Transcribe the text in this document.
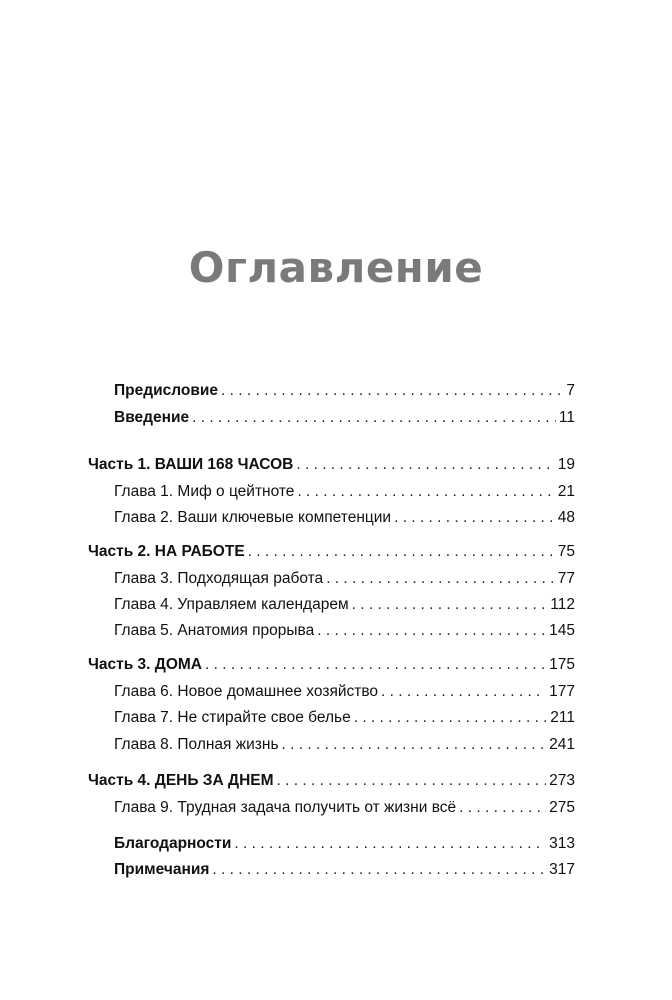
Оглавление
Предисловие . . .	7
Введение . . .	11
Часть 1. ВАШИ 168 ЧАСОВ . . .	19
Глава 1. Миф о цейтноте . . .	21
Глава 2. Ваши ключевые компетенции . . .	48
Часть 2. НА РАБОТЕ . . .	75
Глава 3. Подходящая работа . . .	77
Глава 4. Управляем календарем . . .	112
Глава 5. Анатомия прорыва . . .	145
Часть 3. ДОМА . . .	175
Глава 6. Новое домашнее хозяйство . . .	177
Глава 7. Не стирайте свое белье . . .	211
Глава 8. Полная жизнь . . .	241
Часть 4. ДЕНЬ ЗА ДНЕМ . . .	273
Глава 9. Трудная задача получить от жизни всё . . .	275
Благодарности . . .	313
Примечания . . .	317
